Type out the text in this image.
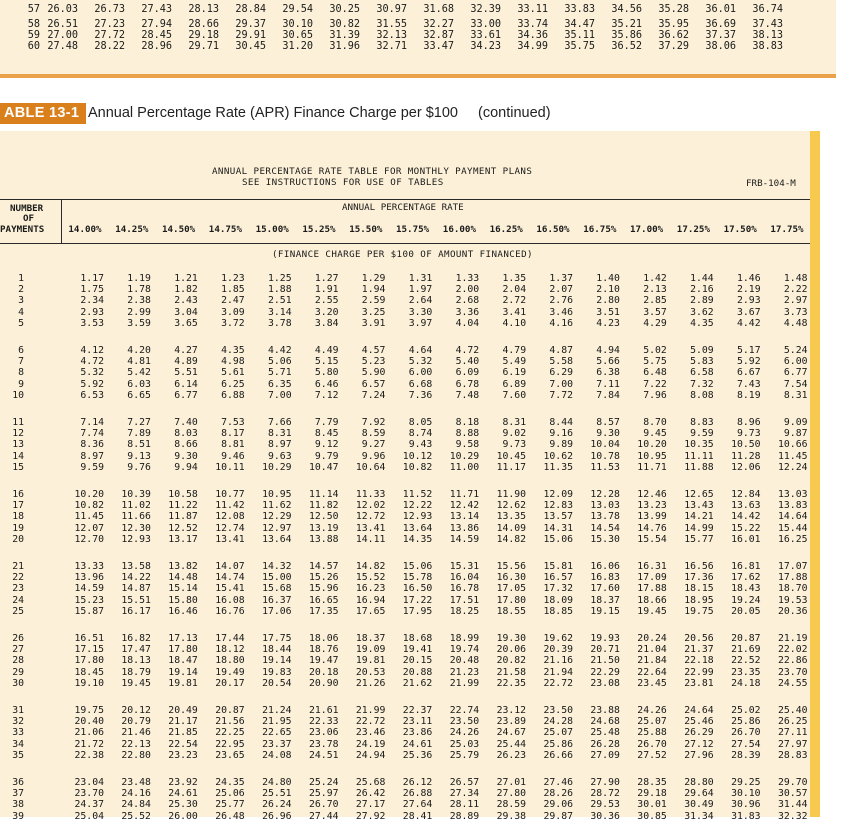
ABLE 13-1 Annual Percentage Rate (APR) Finance Charge per $100 (continued)
ANNUAL PERCENTAGE RATE TABLE FOR MONTHLY PAYMENT PLANS
SEE INSTRUCTIONS FOR USE OF TABLES	FRB-104-M
NUMBER
OF
PAYMENTS
ANNUAL PERCENTAGE RATE
(FINANCE CHARGE PER $100 OF AMOUNT FINANCED)
14.00%	14.25%	14.50%	14.75%	15.00%	15.25%	15.50%	15.75%	16.00%	16.25%	16.50%	16.75%	17.00%	17.25%	17.50%	17.75%
57 26.03	26.73	27.43	28.13	28.84	29.54	30.25	30.97	31.68	32.39	33.11	33.83	34.56	35.28	36.01	36.74
58 26.51	27.23	27.94	28.66	29.37	30.10	30.82	31.55	32.27	33.00	33.74	34.47	35.21	35.95	36.69	37.43
59 27.00	27.72	28.45	29.18	29.91	30.65	31.39	32.13	32.87	33.61	34.36	35.11	35.86	36.62	37.37	38.13
60 27.48	28.22	28.96	29.71	30.45	31.20	31.96	32.71	33.47	34.23	34.99	35.75	36.52	37.29	38.06	38.83
1	1.17	1.19	1.21	1.23	1.25	1.27	1.29	1.31	1.33	1.35	1.37	1.40	1.42	1.44	1.46	1.48
2	1.75	1.78	1.82	1.85	1.88	1.91	1.94	1.97	2.00	2.04	2.07	2.10	2.13	2.16	2.19	2.22
3	2.34	2.38	2.43	2.47	2.51	2.55	2.59	2.64	2.68	2.72	2.76	2.80	2.85	2.89	2.93	2.97
4	2.93	2.99	3.04	3.09	3.14	3.20	3.25	3.30	3.36	3.41	3.46	3.51	3.57	3.62	3.67	3.73
5	3.53	3.59	3.65	3.72	3.78	3.84	3.91	3.97	4.04	4.10	4.16	4.23	4.29	4.35	4.42	4.48
6	4.12	4.20	4.27	4.35	4.42	4.49	4.57	4.64	4.72	4.79	4.87	4.94	5.02	5.09	5.17	5.24
7	4.72	4.81	4.89	4.98	5.06	5.15	5.23	5.32	5.40	5.49	5.58	5.66	5.75	5.83	5.92	6.00
8	5.32	5.42	5.51	5.61	5.71	5.80	5.90	6.00	6.09	6.19	6.29	6.38	6.48	6.58	6.67	6.77
9	5.92	6.03	6.14	6.25	6.35	6.46	6.57	6.68	6.78	6.89	7.00	7.11	7.22	7.32	7.43	7.54
10	6.53	6.65	6.77	6.88	7.00	7.12	7.24	7.36	7.48	7.60	7.72	7.84	7.96	8.08	8.19	8.31
11	7.14	7.27	7.40	7.53	7.66	7.79	7.92	8.05	8.18	8.31	8.44	8.57	8.70	8.83	8.96	9.09
12	7.74	7.89	8.03	8.17	8.31	8.45	8.59	8.74	8.88	9.02	9.16	9.30	9.45	9.59	9.73	9.87
13	8.36	8.51	8.66	8.81	8.97	9.12	9.27	9.43	9.58	9.73	9.89 10.04 10.20 10.35 10.50 10.66
14	8.97	9.13	9.30	9.46	9.63	9.79	9.96 10.12 10.29 10.45 10.62 10.78 10.95 11.11 11.28 11.45
15	9.59	9.76	9.94 10.11 10.29 10.47 10.64 10.82 11.00 11.17 11.35 11.53 11.71 11.88 12.06 12.24
16	10.20 10.39 10.58 10.77 10.95 11.14 11.33 11.52 11.71 11.90 12.09 12.28 12.46 12.65 12.84 13.03
17	10.82 11.02 11.22 11.42 11.62 11.82 12.02 12.22 12.42 12.62 12.83 13.03 13.23 13.43 13.63 13.83
18	11.45 11.66 11.87 12.08 12.29 12.50 12.72 12.93 13.14 13.35 13.57 13.78 13.99 14.21 14.42 14.64
19	12.07 12.30 12.52 12.74 12.97 13.19 13.41 13.64 13.86 14.09 14.31 14.54 14.76 14.99 15.22 15.44
20	12.70 12.93 13.17 13.41 13.64 13.88 14.11 14.35 14.59 14.82 15.06 15.30 15.54 15.77 16.01 16.25
21	13.33 13.58 13.82 14.07 14.32 14.57 14.82 15.06 15.31 15.56 15.81 16.06 16.31 16.56 16.81 17.07
22	13.96 14.22 14.48 14.74 15.00 15.26 15.52 15.78 16.04 16.30 16.57 16.83 17.09 17.36 17.62 17.88
23	14.59 14.87 15.14 15.41 15.68 15.96 16.23 16.50 16.78 17.05 17.32 17.60 17.88 18.15 18.43 18.70
24	15.23 15.51 15.80 16.08 16.37 16.65 16.94 17.22 17.51 17.80 18.09 18.37 18.66 18.95 19.24 19.53
25	15.87 16.17 16.46 16.76 17.06 17.35 17.65 17.95 18.25 18.55 18.85 19.15 19.45 19.75 20.05 20.36
26	16.51 16.82 17.13 17.44 17.75 18.06 18.37 18.68 18.99 19.30 19.62 19.93 20.24 20.56 20.87 21.19
27	17.15 17.47 17.80 18.12 18.44 18.76 19.09 19.41 19.74 20.06 20.39 20.71 21.04 21.37 21.69 22.02
28	17.80 18.13 18.47 18.80 19.14 19.47 19.81 20.15 20.48 20.82 21.16 21.50 21.84 22.18 22.52 22.86
29	18.45 18.79 19.14 19.49 19.83 20.18 20.53 20.88 21.23 21.58 21.94 22.29 22.64 22.99 23.35 23.70
30	19.10 19.45 19.81 20.17 20.54 20.90 21.26 21.62 21.99 22.35 22.72 23.08 23.45 23.81 24.18 24.55
31	19.75 20.12 20.49 20.87 21.24 21.61 21.99 22.37 22.74 23.12 23.50 23.88 24.26 24.64 25.02 25.40
32	20.40 20.79 21.17 21.56 21.95 22.33 22.72 23.11 23.50 23.89 24.28 24.68 25.07 25.46 25.86 26.25
33	21.06 21.46 21.85 22.25 22.65 23.06 23.46 23.86 24.26 24.67 25.07 25.48 25.88 26.29 26.70 27.11
34	21.72 22.13 22.54 22.95 23.37 23.78 24.19 24.61 25.03 25.44 25.86 26.28 26.70 27.12 27.54 27.97
35	22.38 22.80 23.23 23.65 24.08 24.51 24.94 25.36 25.79 26.23 26.66 27.09 27.52 27.96 28.39 28.83
36	23.04 23.48 23.92 24.35 24.80 25.24 25.68 26.12 26.57 27.01 27.46 27.90 28.35 28.80 29.25 29.70
37	23.70 24.16 24.61 25.06 25.51 25.97 26.42 26.88 27.34 27.80 28.26 28.72 29.18 29.64 30.10 30.57
38	24.37 24.84 25.30 25.77 26.24 26.70 27.17 27.64 28.11 28.59 29.06 29.53 30.01 30.49 30.96 31.44
39	25.04 25.52 26.00 26.48 26.96 27.44 27.92 28.41 28.89 29.38 29.87 30.36 30.85 31.34 31.83 32.32
